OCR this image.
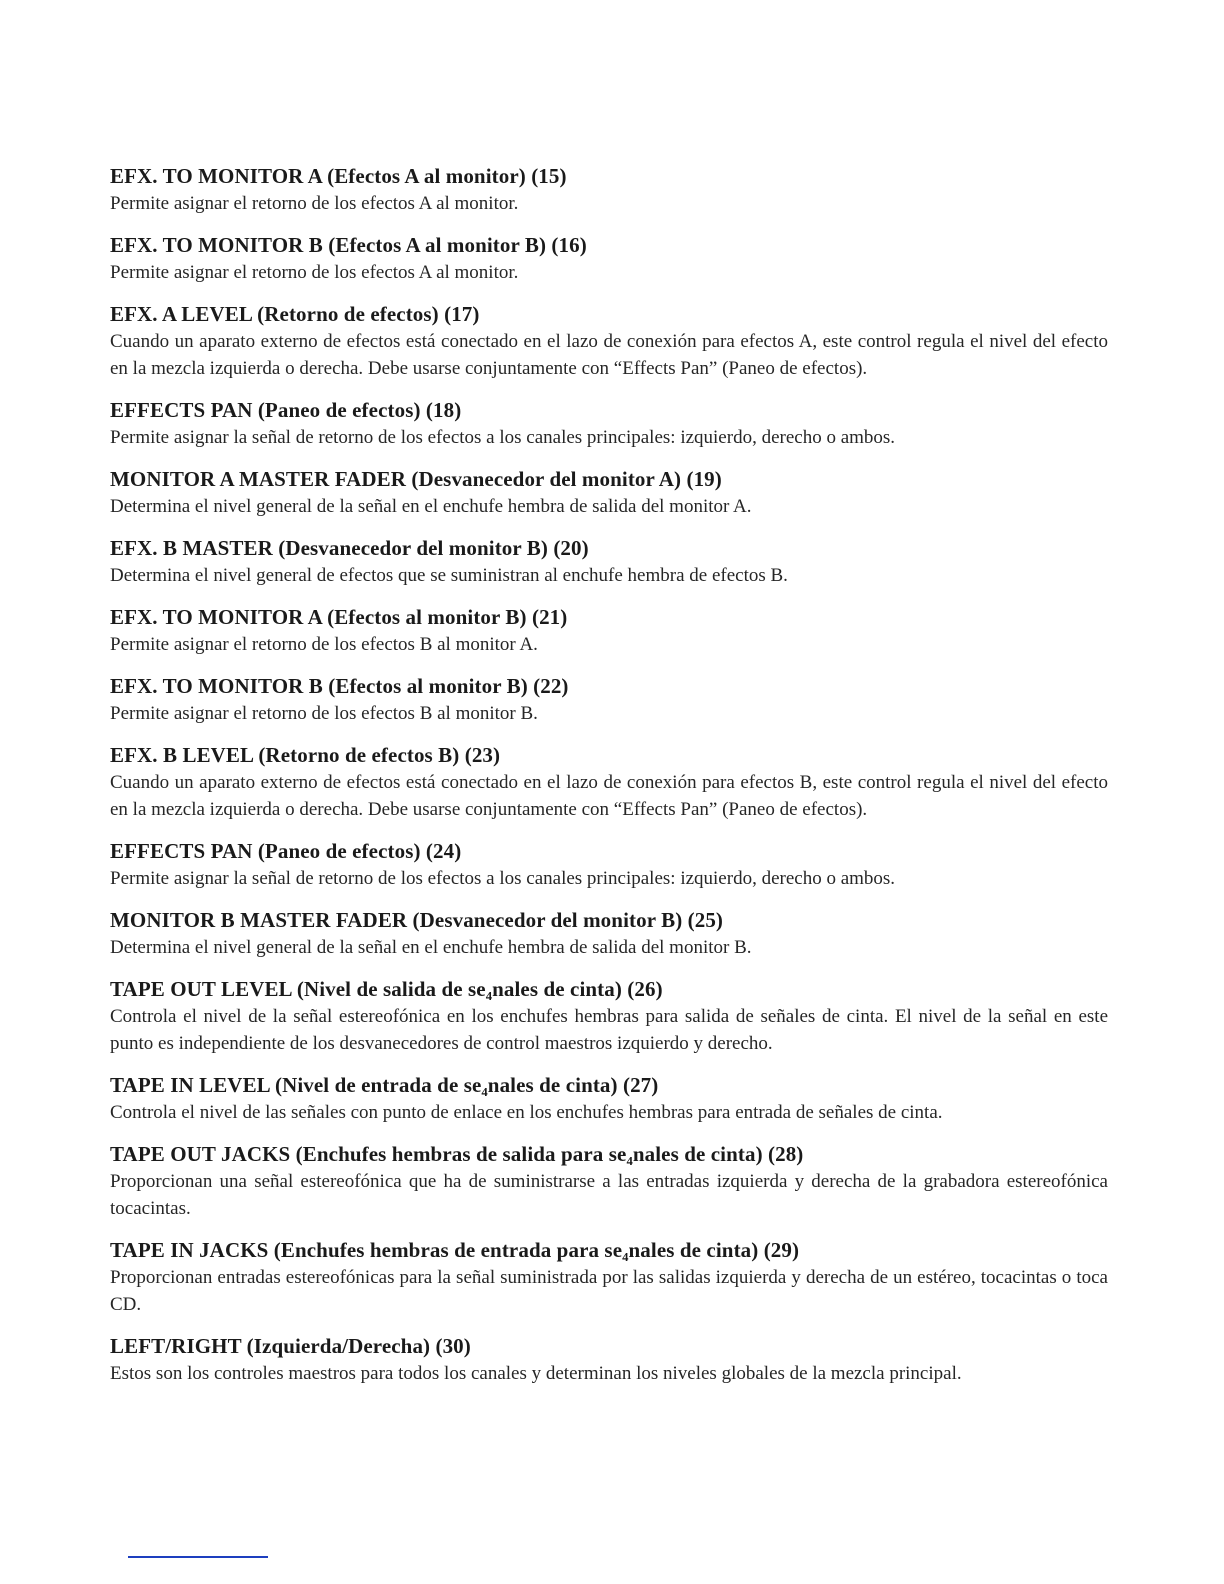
EFX. TO MONITOR A (Efectos A al monitor) (15)

Permite asignar el retorno de los efectos A al monitor.

EFX. TO MONITOR B (Efectos A al monitor B) (16)

Permite asignar el retorno de los efectos A al monitor.

EFX. A LEVEL (Retorno de efectos) (17)

Cuando un aparato externo de efectos está conectado en el lazo de conexión para efectos A, este control regula el nivel del efecto en la mezcla izquierda o derecha. Debe usarse conjuntamente con “Effects Pan” (Paneo de efectos).

EFFECTS PAN (Paneo de efectos) (18)

Permite asignar la señal de retorno de los efectos a los canales principales: izquierdo, derecho o ambos.

MONITOR A MASTER FADER (Desvanecedor del monitor A) (19)

Determina el nivel general de la señal en el enchufe hembra de salida del monitor A.

EFX. B MASTER (Desvanecedor del monitor B) (20)

Determina el nivel general de efectos que se suministran al enchufe hembra de efectos B.

EFX. TO MONITOR A (Efectos al monitor B) (21)

Permite asignar el retorno de los efectos B al monitor A.

EFX. TO MONITOR B (Efectos al monitor B) (22)

Permite asignar el retorno de los efectos B al monitor B.

EFX. B LEVEL (Retorno de efectos B) (23)

Cuando un aparato externo de efectos está conectado en el lazo de conexión para efectos B, este control regula el nivel del efecto en la mezcla izquierda o derecha. Debe usarse conjuntamente con “Effects Pan” (Paneo de efectos).

EFFECTS PAN (Paneo de efectos) (24)

Permite asignar la señal de retorno de los efectos a los canales principales: izquierdo, derecho o ambos.

MONITOR B MASTER FADER (Desvanecedor del monitor B) (25)

Determina el nivel general de la señal en el enchufe hembra de salida del monitor B.

TAPE OUT LEVEL (Nivel de salida de se₄nales de cinta) (26)

Controla el nivel de la señal estereofónica en los enchufes hembras para salida de señales de cinta. El nivel de la señal en este punto es independiente de los desvanecedores de control maestros izquierdo y derecho.

TAPE IN LEVEL (Nivel de entrada de se₄nales de cinta) (27)

Controla el nivel de las señales con punto de enlace en los enchufes hembras para entrada de señales de cinta.

TAPE OUT JACKS (Enchufes hembras de salida para se₄nales de cinta) (28)

Proporcionan una señal estereofónica que ha de suministrarse a las entradas izquierda y derecha de la grabadora estereofónica tocacintas.

TAPE IN JACKS (Enchufes hembras de entrada para se₄nales de cinta) (29)

Proporcionan entradas estereofónicas para la señal suministrada por las salidas izquierda y derecha de un estéreo, tocacintas o toca CD.

LEFT/RIGHT (Izquierda/Derecha) (30)

Estos son los controles maestros para todos los canales y determinan los niveles globales de la mezcla principal.
